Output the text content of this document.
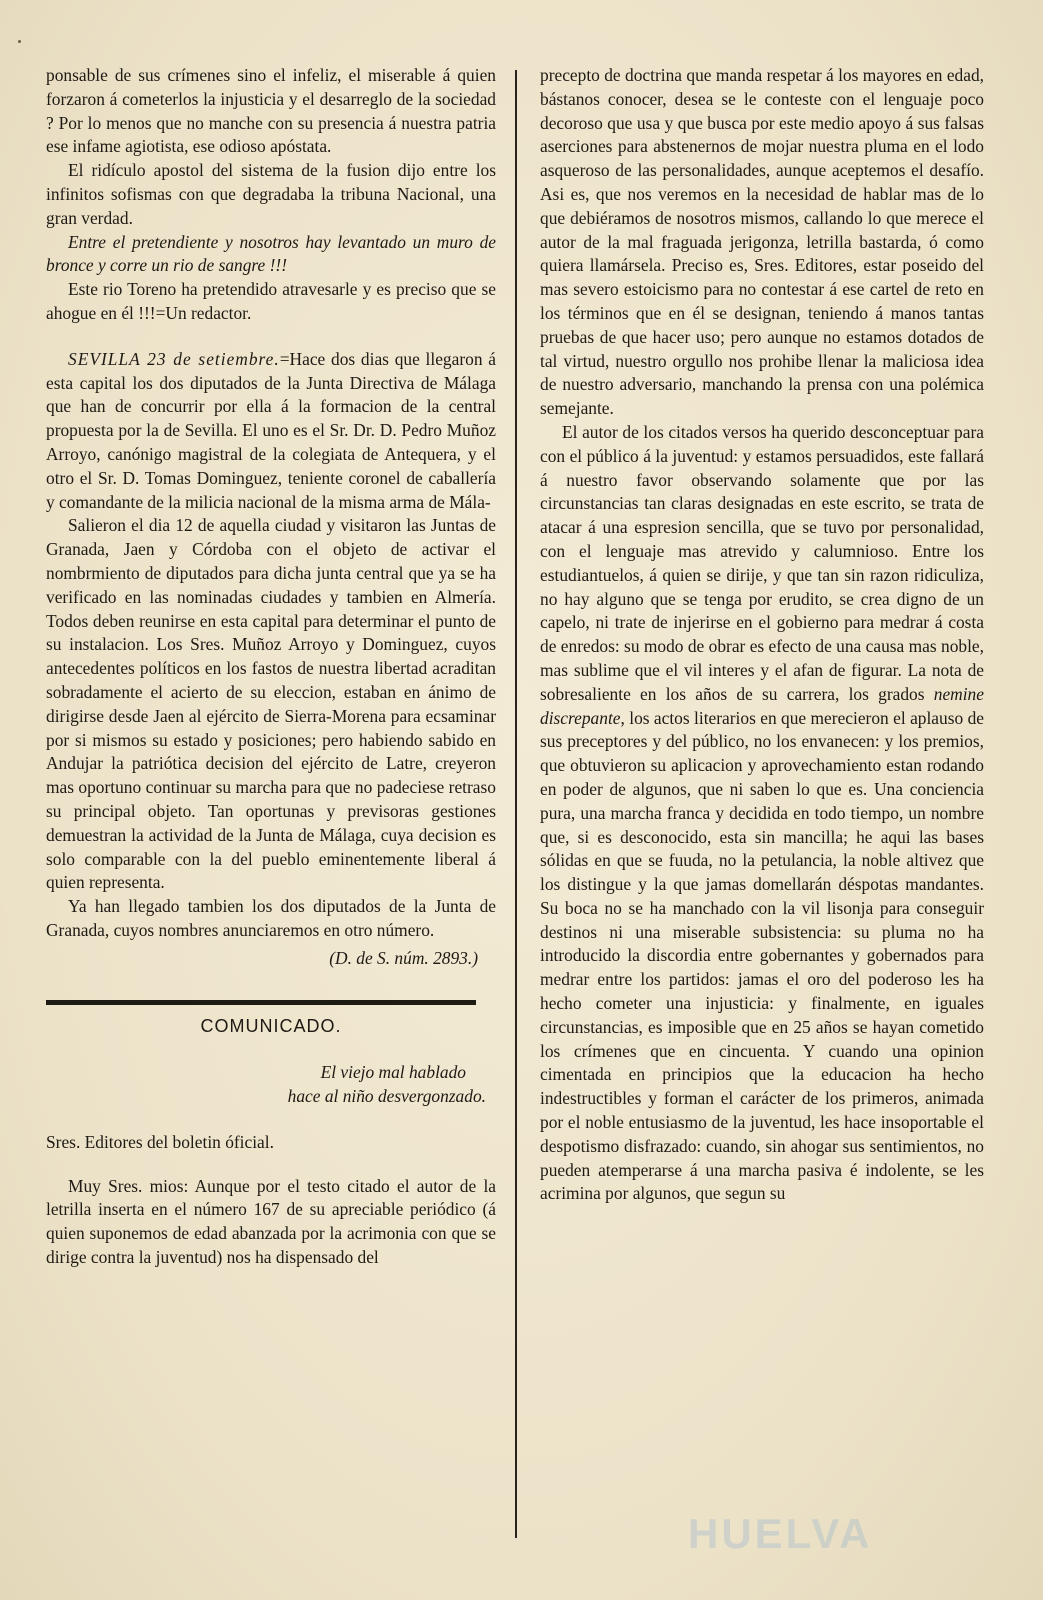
ponsable de sus crímenes sino el infeliz, el miserable á quien forzaron á cometerlos la injusticia y el desarreglo de la sociedad ? Por lo menos que no manche con su presencia á nuestra patria ese infame agiotista, ese odioso apóstata.

El ridículo apostol del sistema de la fusion dijo entre los infinitos sofismas con que degradaba la tribuna Nacional, una gran verdad.

Entre el pretendiente y nosotros hay levantado un muro de bronce y corre un rio de sangre !!!

Este rio Toreno ha pretendido atravesarle y es preciso que se ahogue en él !!!=Un redactor.

SEVILLA 23 de setiembre.=Hace dos dias que llegaron á esta capital los dos diputados de la Junta Directiva de Málaga que han de concurrir por ella á la formacion de la central propuesta por la de Sevilla. El uno es el Sr. Dr. D. Pedro Muñoz Arroyo, canónigo magistral de la colegiata de Antequera, y el otro el Sr. D. Tomas Dominguez, teniente coronel de caballería y comandante de la milicia nacional de la misma arma de Mála-

Salieron el dia 12 de aquella ciudad y visitaron las Juntas de Granada, Jaen y Córdoba con el objeto de activar el nombrmiento de diputados para dicha junta central que ya se ha verificado en las nominadas ciudades y tambien en Almería. Todos deben reunirse en esta capital para determinar el punto de su instalacion. Los Sres. Muñoz Arroyo y Dominguez, cuyos antecedentes políticos en los fastos de nuestra libertad acraditan sobradamente el acierto de su eleccion, estaban en ánimo de dirigirse desde Jaen al ejército de Sierra-Morena para ecsaminar por si mismos su estado y posiciones; pero habiendo sabido en Andujar la patriótica decision del ejército de Latre, creyeron mas oportuno continuar su marcha para que no padeciese retraso su principal objeto. Tan oportunas y previsoras gestiones demuestran la actividad de la Junta de Málaga, cuya decision es solo comparable con la del pueblo eminentemente liberal á quien representa.

Ya han llegado tambien los dos diputados de la Junta de Granada, cuyos nombres anunciaremos en otro número.

(D. de S. núm. 2893.)

COMUNICADO.

El viejo mal hablado

hace al niño desvergonzado.

Sres. Editores del boletin óficial.

Muy Sres. mios: Aunque por el testo citado el autor de la letrilla inserta en el número 167 de su apreciable periódico (á quien suponemos de edad abanzada por la acrimonia con que se dirige contra la juventud) nos ha dispensado del

precepto de doctrina que manda respetar á los mayores en edad, bástanos conocer, desea se le conteste con el lenguaje poco decoroso que usa y que busca por este medio apoyo á sus falsas aserciones para abstenernos de mojar nuestra pluma en el lodo asqueroso de las personalidades, aunque aceptemos el desafío. Asi es, que nos veremos en la necesidad de hablar mas de lo que debiéramos de nosotros mismos, callando lo que merece el autor de la mal fraguada jerigonza, letrilla bastarda, ó como quiera llamársela. Preciso es, Sres. Editores, estar poseido del mas severo estoicismo para no contestar á ese cartel de reto en los términos que en él se designan, teniendo á manos tantas pruebas de que hacer uso; pero aunque no estamos dotados de tal virtud, nuestro orgullo nos prohibe llenar la maliciosa idea de nuestro adversario, manchando la prensa con una polémica semejante.

El autor de los citados versos ha querido desconceptuar para con el público á la juventud: y estamos persuadidos, este fallará á nuestro favor observando solamente que por las circunstancias tan claras designadas en este escrito, se trata de atacar á una espresion sencilla, que se tuvo por personalidad, con el lenguaje mas atrevido y calumnioso. Entre los estudiantuelos, á quien se dirije, y que tan sin razon ridiculiza, no hay alguno que se tenga por erudito, se crea digno de un capelo, ni trate de injerirse en el gobierno para medrar á costa de enredos: su modo de obrar es efecto de una causa mas noble, mas sublime que el vil interes y el afan de figurar. La nota de sobresaliente en los años de su carrera, los grados nemine discrepante, los actos literarios en que merecieron el aplauso de sus preceptores y del público, no los envanecen: y los premios, que obtuvieron su aplicacion y aprovechamiento estan rodando en poder de algunos, que ni saben lo que es. Una conciencia pura, una marcha franca y decidida en todo tiempo, un nombre que, si es desconocido, esta sin mancilla; he aqui las bases sólidas en que se fuuda, no la petulancia, la noble altivez que los distingue y la que jamas domellarán déspotas mandantes. Su boca no se ha manchado con la vil lisonja para conseguir destinos ni una miserable subsistencia: su pluma no ha introducido la discordia entre gobernantes y gobernados para medrar entre los partidos: jamas el oro del poderoso les ha hecho cometer una injusticia: y finalmente, en iguales circunstancias, es imposible que en 25 años se hayan cometido los crímenes que en cincuenta. Y cuando una opinion cimentada en principios que la educacion ha hecho indestructibles y forman el carácter de los primeros, animada por el noble entusiasmo de la juventud, les hace insoportable el despotismo disfrazado: cuando, sin ahogar sus sentimientos, no pueden atemperarse á una marcha pasiva é indolente, se les acrimina por algunos, que segun su

HUELVA
